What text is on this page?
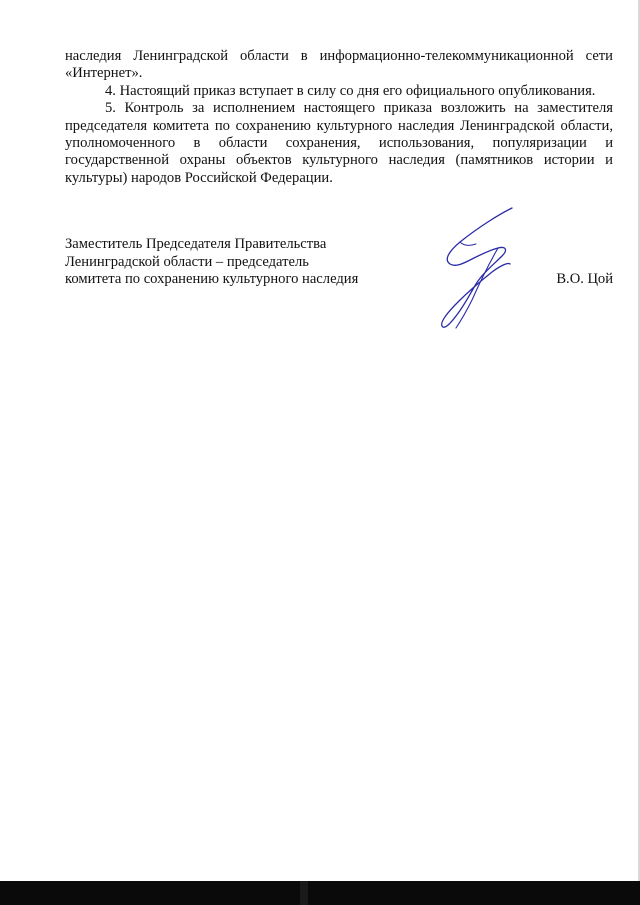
наследия Ленинградской области в информационно-телекоммуникационной сети «Интернет».

4. Настоящий приказ вступает в силу со дня его официального опубликования.

5. Контроль за исполнением настоящего приказа возложить на заместителя председателя комитета по сохранению культурного наследия Ленинградской области, уполномоченного в области сохранения, использования, популяризации и государственной охраны объектов культурного наследия (памятников истории и культуры) народов Российской Федерации.

Заместитель Председателя Правительства
Ленинградской области – председатель
комитета по сохранению культурного наследия	В.О. Цой
